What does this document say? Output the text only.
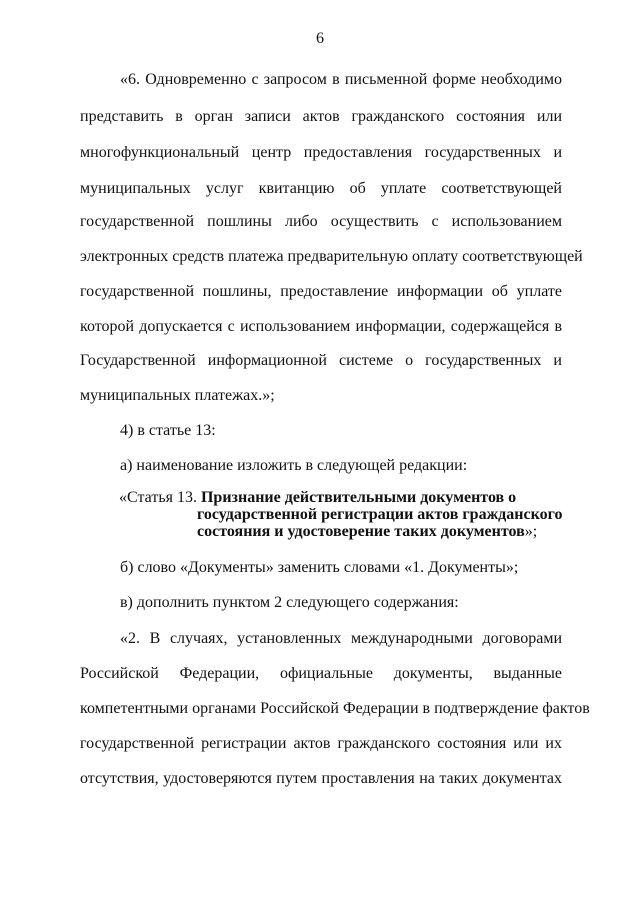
6
«6. Одновременно с запросом в письменной форме необходимо
представить в орган записи актов гражданского состояния или
многофункциональный центр предоставления государственных и
муниципальных услуг квитанцию об уплате соответствующей
государственной пошлины либо осуществить с использованием
электронных средств платежа предварительную оплату соответствующей
государственной пошлины, предоставление информации об уплате
которой допускается с использованием информации, содержащейся в
Государственной информационной системе о государственных и
муниципальных платежах.»;
4) в статье 13:
а) наименование изложить в следующей редакции:
«Статья 13. Признание действительными документов о
государственной регистрации актов гражданского
состояния и удостоверение таких документов»;
б) слово «Документы» заменить словами «1. Документы»;
в) дополнить пунктом 2 следующего содержания:
«2. В случаях, установленных международными договорами
Российской Федерации, официальные документы, выданные
компетентными органами Российской Федерации в подтверждение фактов
государственной регистрации актов гражданского состояния или их
отсутствия, удостоверяются путем проставления на таких документах
